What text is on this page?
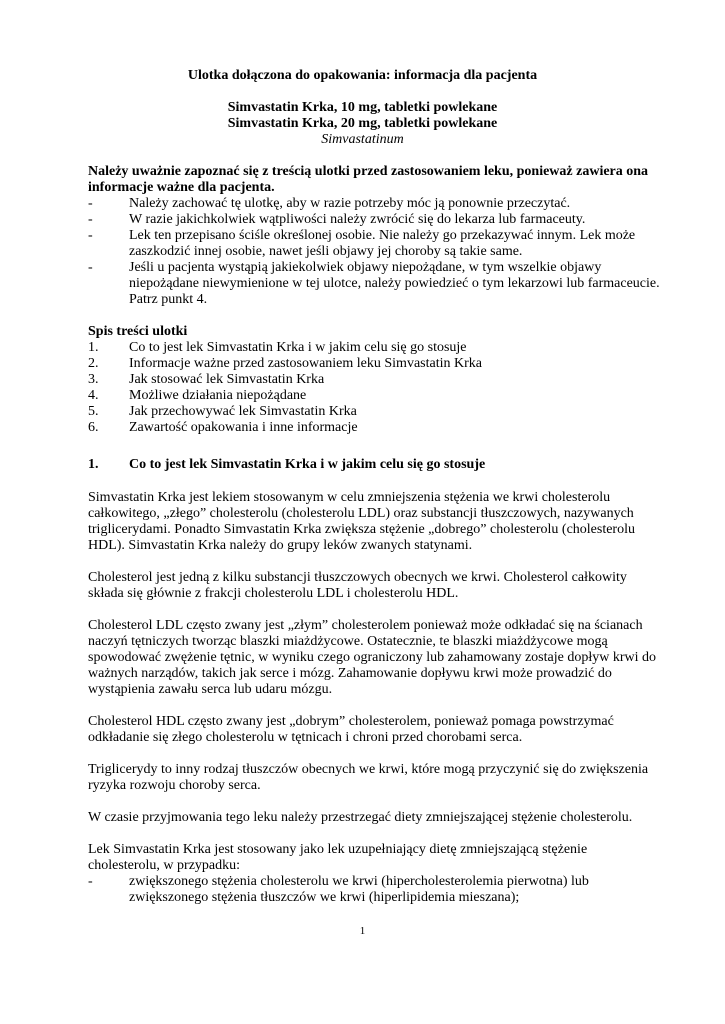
Ulotka dołączona do opakowania: informacja dla pacjenta
Simvastatin Krka, 10 mg, tabletki powlekane
Simvastatin Krka, 20 mg, tabletki powlekane
Simvastatinum
Należy uważnie zapoznać się z treścią ulotki przed zastosowaniem leku, ponieważ zawiera ona
informacje ważne dla pacjenta.
-	Należy zachować tę ulotkę, aby w razie potrzeby móc ją ponownie przeczytać.
-	W razie jakichkolwiek wątpliwości należy zwrócić się do lekarza lub farmaceuty.
-	Lek ten przepisano ściśle określonej osobie. Nie należy go przekazywać innym. Lek może
zaszkodzić innej osobie, nawet jeśli objawy jej choroby są takie same.
-	Jeśli u pacjenta wystąpią jakiekolwiek objawy niepożądane, w tym wszelkie objawy
niepożądane niewymienione w tej ulotce, należy powiedzieć o tym lekarzowi lub farmaceucie.
Patrz punkt 4.
Spis treści ulotki
1. Co to jest lek Simvastatin Krka i w jakim celu się go stosuje
2. Informacje ważne przed zastosowaniem leku Simvastatin Krka
3. Jak stosować lek Simvastatin Krka
4. Możliwe działania niepożądane
5. Jak przechowywać lek Simvastatin Krka
6. Zawartość opakowania i inne informacje
1. Co to jest lek Simvastatin Krka i w jakim celu się go stosuje
Simvastatin Krka jest lekiem stosowanym w celu zmniejszenia stężenia we krwi cholesterolu
całkowitego, „złego” cholesterolu (cholesterolu LDL) oraz substancji tłuszczowych, nazywanych
triglicerydami. Ponadto Simvastatin Krka zwiększa stężenie „dobrego” cholesterolu (cholesterolu
HDL). Simvastatin Krka należy do grupy leków zwanych statynami.
Cholesterol jest jedną z kilku substancji tłuszczowych obecnych we krwi. Cholesterol całkowity
składa się głównie z frakcji cholesterolu LDL i cholesterolu HDL.
Cholesterol LDL często zwany jest „złym” cholesterolem ponieważ może odkładać się na ścianach
naczyń tętniczych tworząc blaszki miażdżycowe. Ostatecznie, te blaszki miażdżycowe mogą
spowodować zwężenie tętnic, w wyniku czego ograniczony lub zahamowany zostaje dopływ krwi do
ważnych narządów, takich jak serce i mózg. Zahamowanie dopływu krwi może prowadzić do
wystąpienia zawału serca lub udaru mózgu.
Cholesterol HDL często zwany jest „dobrym” cholesterolem, ponieważ pomaga powstrzymać
odkładanie się złego cholesterolu w tętnicach i chroni przed chorobami serca.
Triglicerydy to inny rodzaj tłuszczów obecnych we krwi, które mogą przyczynić się do zwiększenia
ryzyka rozwoju choroby serca.
W czasie przyjmowania tego leku należy przestrzegać diety zmniejszającej stężenie cholesterolu.
Lek Simvastatin Krka jest stosowany jako lek uzupełniający dietę zmniejszającą stężenie
cholesterolu, w przypadku:
-	zwiększonego stężenia cholesterolu we krwi (hipercholesterolemia pierwotna) lub
zwiększonego stężenia tłuszczów we krwi (hiperlipidemia mieszana);
1
